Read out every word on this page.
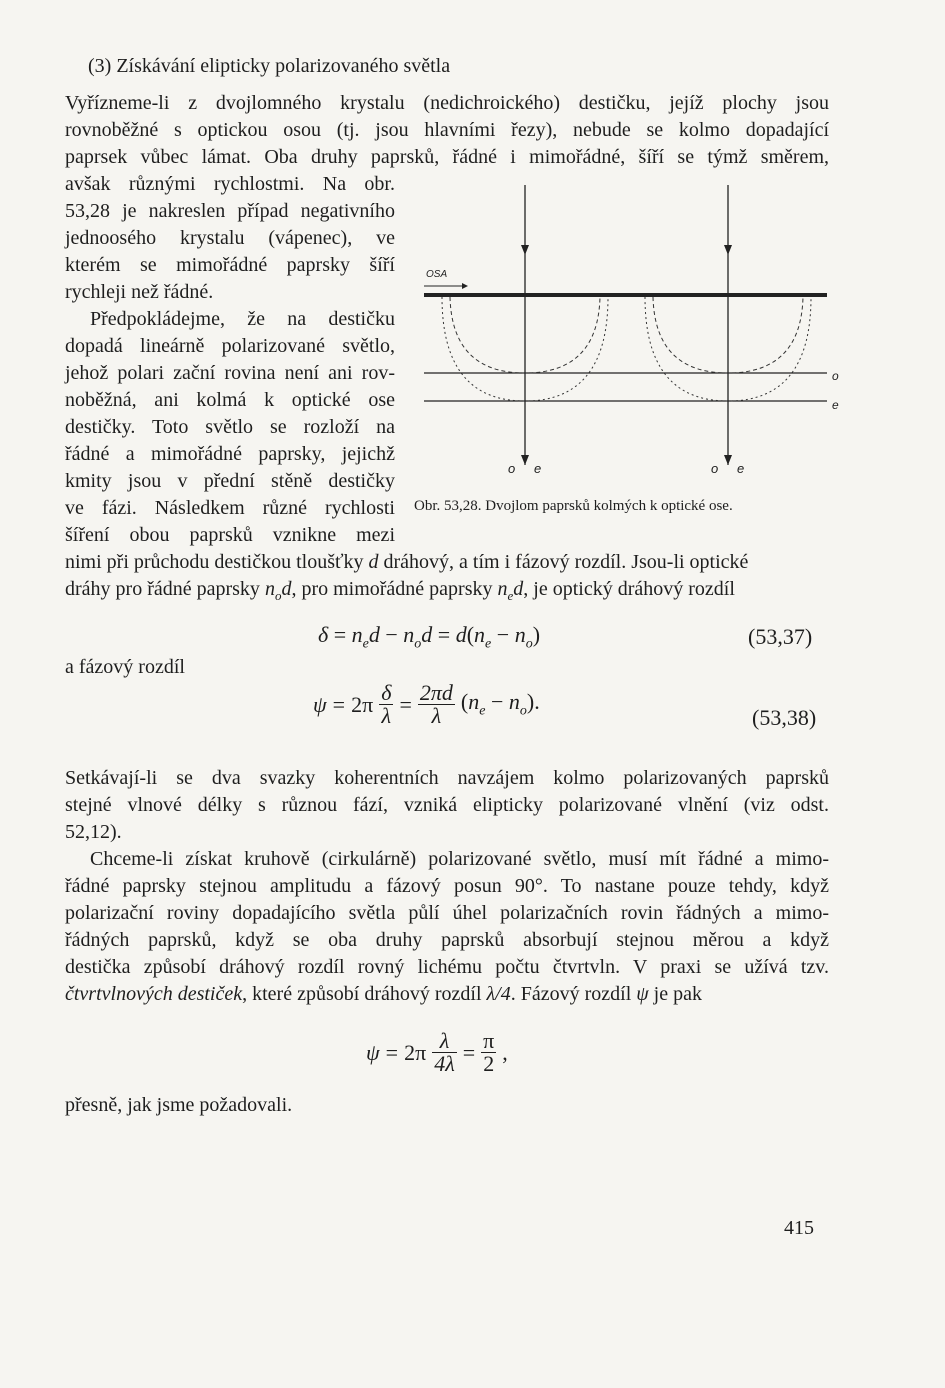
(3) Získávání elipticky polarizovaného světla
Vyřízneme-li z dvojlomného krystalu (nedichroického) destičku, jejíž plochy jsou
rovnoběžné s optickou osou (tj. jsou hlavními řezy), nebude se kolmo dopadající
paprsek vůbec lámat. Oba druhy paprsků, řádné i mimořádné, šíří se týmž směrem,
avšak různými rychlostmi. Na obr.
53,28 je nakreslen případ negativního
jednoosého krystalu (vápenec), ve
kterém se mimořádné paprsky šíří
rychleji než řádné.
Předpokládejme, že na destičku
dopadá lineárně polarizované světlo,
jehož polari zační rovina není ani rov-
noběžná, ani kolmá k optické ose
destičky. Toto světlo se rozloží na
řádné a mimořádné paprsky, jejichž
kmity jsou v přední stěně destičky
ve fázi. Následkem různé rychlosti
šíření obou paprsků vznikne mezi
OSA
o
e
o e	o e
Obr. 53,28. Dvojlom paprsků kolmých k optické ose.
nimi při průchodu destičkou tloušťky d dráhový, a tím i fázový rozdíl. Jsou-li optické
dráhy pro řádné paprsky $n_od$, pro mimořádné paprsky $n_ed$, je optický dráhový rozdíl
$\delta = n_ed - n_od = d(n_e - n_o)$	(53,37)
a fázový rozdíl
$\psi = 2\pi \frac{\delta}{\lambda} = \frac{2\pi d}{\lambda} (n_e - n_o)$.
(53,38)
Setkávají-li se dva svazky koherentních navzájem kolmo polarizovaných paprsků
stejné vlnové délky s různou fází, vzniká elipticky polarizované vlnění (viz odst.
52,12).
Chceme-li získat kruhově (cirkulárně) polarizované světlo, musí mít řádné a mimo-
řádné paprsky stejnou amplitudu a fázový posun 90°. To nastane pouze tehdy, když
polarizační roviny dopadajícího světla půlí úhel polarizačních rovin řádných a mimo-
řádných paprsků, když se oba druhy paprsků absorbují stejnou měrou a když
destička způsobí dráhový rozdíl rovný lichému počtu čtvrtvln. V praxi se užívá tzv.
čtvrtvlnových destiček, které způsobí dráhový rozdíl λ/4. Fázový rozdíl ψ je pak
$\psi = 2\pi \frac{\lambda}{4\lambda} = \frac{\pi}{2}$ ,
přesně, jak jsme požadovali.
415
